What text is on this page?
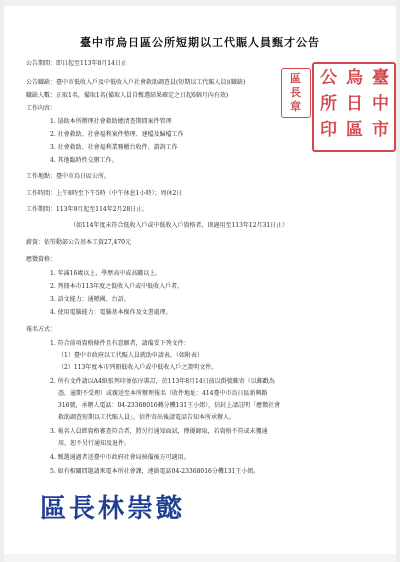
臺中市烏日區公所短期以工代賑人員甄才公告
公告期間：即日起至113年8月14日止
公告職缺：臺中市低收入戶及中低收入戶社會救助調查員(短期以工代賑人員)(職缺)
職缺人數：正取1名，備取1名(備取人員自甄選結果確定之日起6個月內有效)
工作內容：
1. 協助本所辦理社會救助總清查期間案件管理
2. 社會救助、社會福利案件整理、建檔及歸檔工作
3. 社會救助、社會福利業務櫃台收件、諮詢工作
4. 其他臨時性交辦工作。
工作地點：臺中市烏日區公所。
工作時間：上午8時至下午5時（中午休息1小時）；周休2日
工作期間：113年9月起至114年2月28日止。
（如114年度未符合低收入戶或中低收入戶資格者，則適用至113年12月31日止）
薪資：依勞動部公告基本工資27,470元
應徵資格：
1. 年滿16歲以上，學歷高中或高職以上。
2. 列冊本市113年度之低收入戶或中低收入戶者。
3. 語文能力：通曉國、台語。
4. 使用電腦能力：電腦基本操作及文書處理。
報名方式：
1. 符合前項資格條件且有意願者，請備妥下列文件：
（1）臺中市政府以工代賑人員就助申請表。（如附表）
（2）113年度本市列冊低收入戶或中低收入戶之證明文件。
2. 所有文件請以A4紙張列印並依序裝訂，於113年8月14日前以掛號郵寄（以郵戳為
憑，逾期不受理）或親送至本所辦理報名（收件地址：414臺中市烏日區新興路
316號，承辦人電話：04-23368016轉分機131王小姐），信封上請註明「應徵社會
救助調查短期以工代賑人員」，信件寄出後請電話告知本所承辦人。
3. 報名人員經資格審查符合者，將另行通知面試，擇優錄取，若資格不符或未獲通
用，恕不另行通知及退件。
4. 甄選通過者送臺中市政府社會局核備後方可適用。
5. 如有相關問題請來電本所社會課，連絡電話04-23368016分機131王小姐。
區
長
章
臺
中
市
烏
日
區
公
所
印
區長林崇懿
